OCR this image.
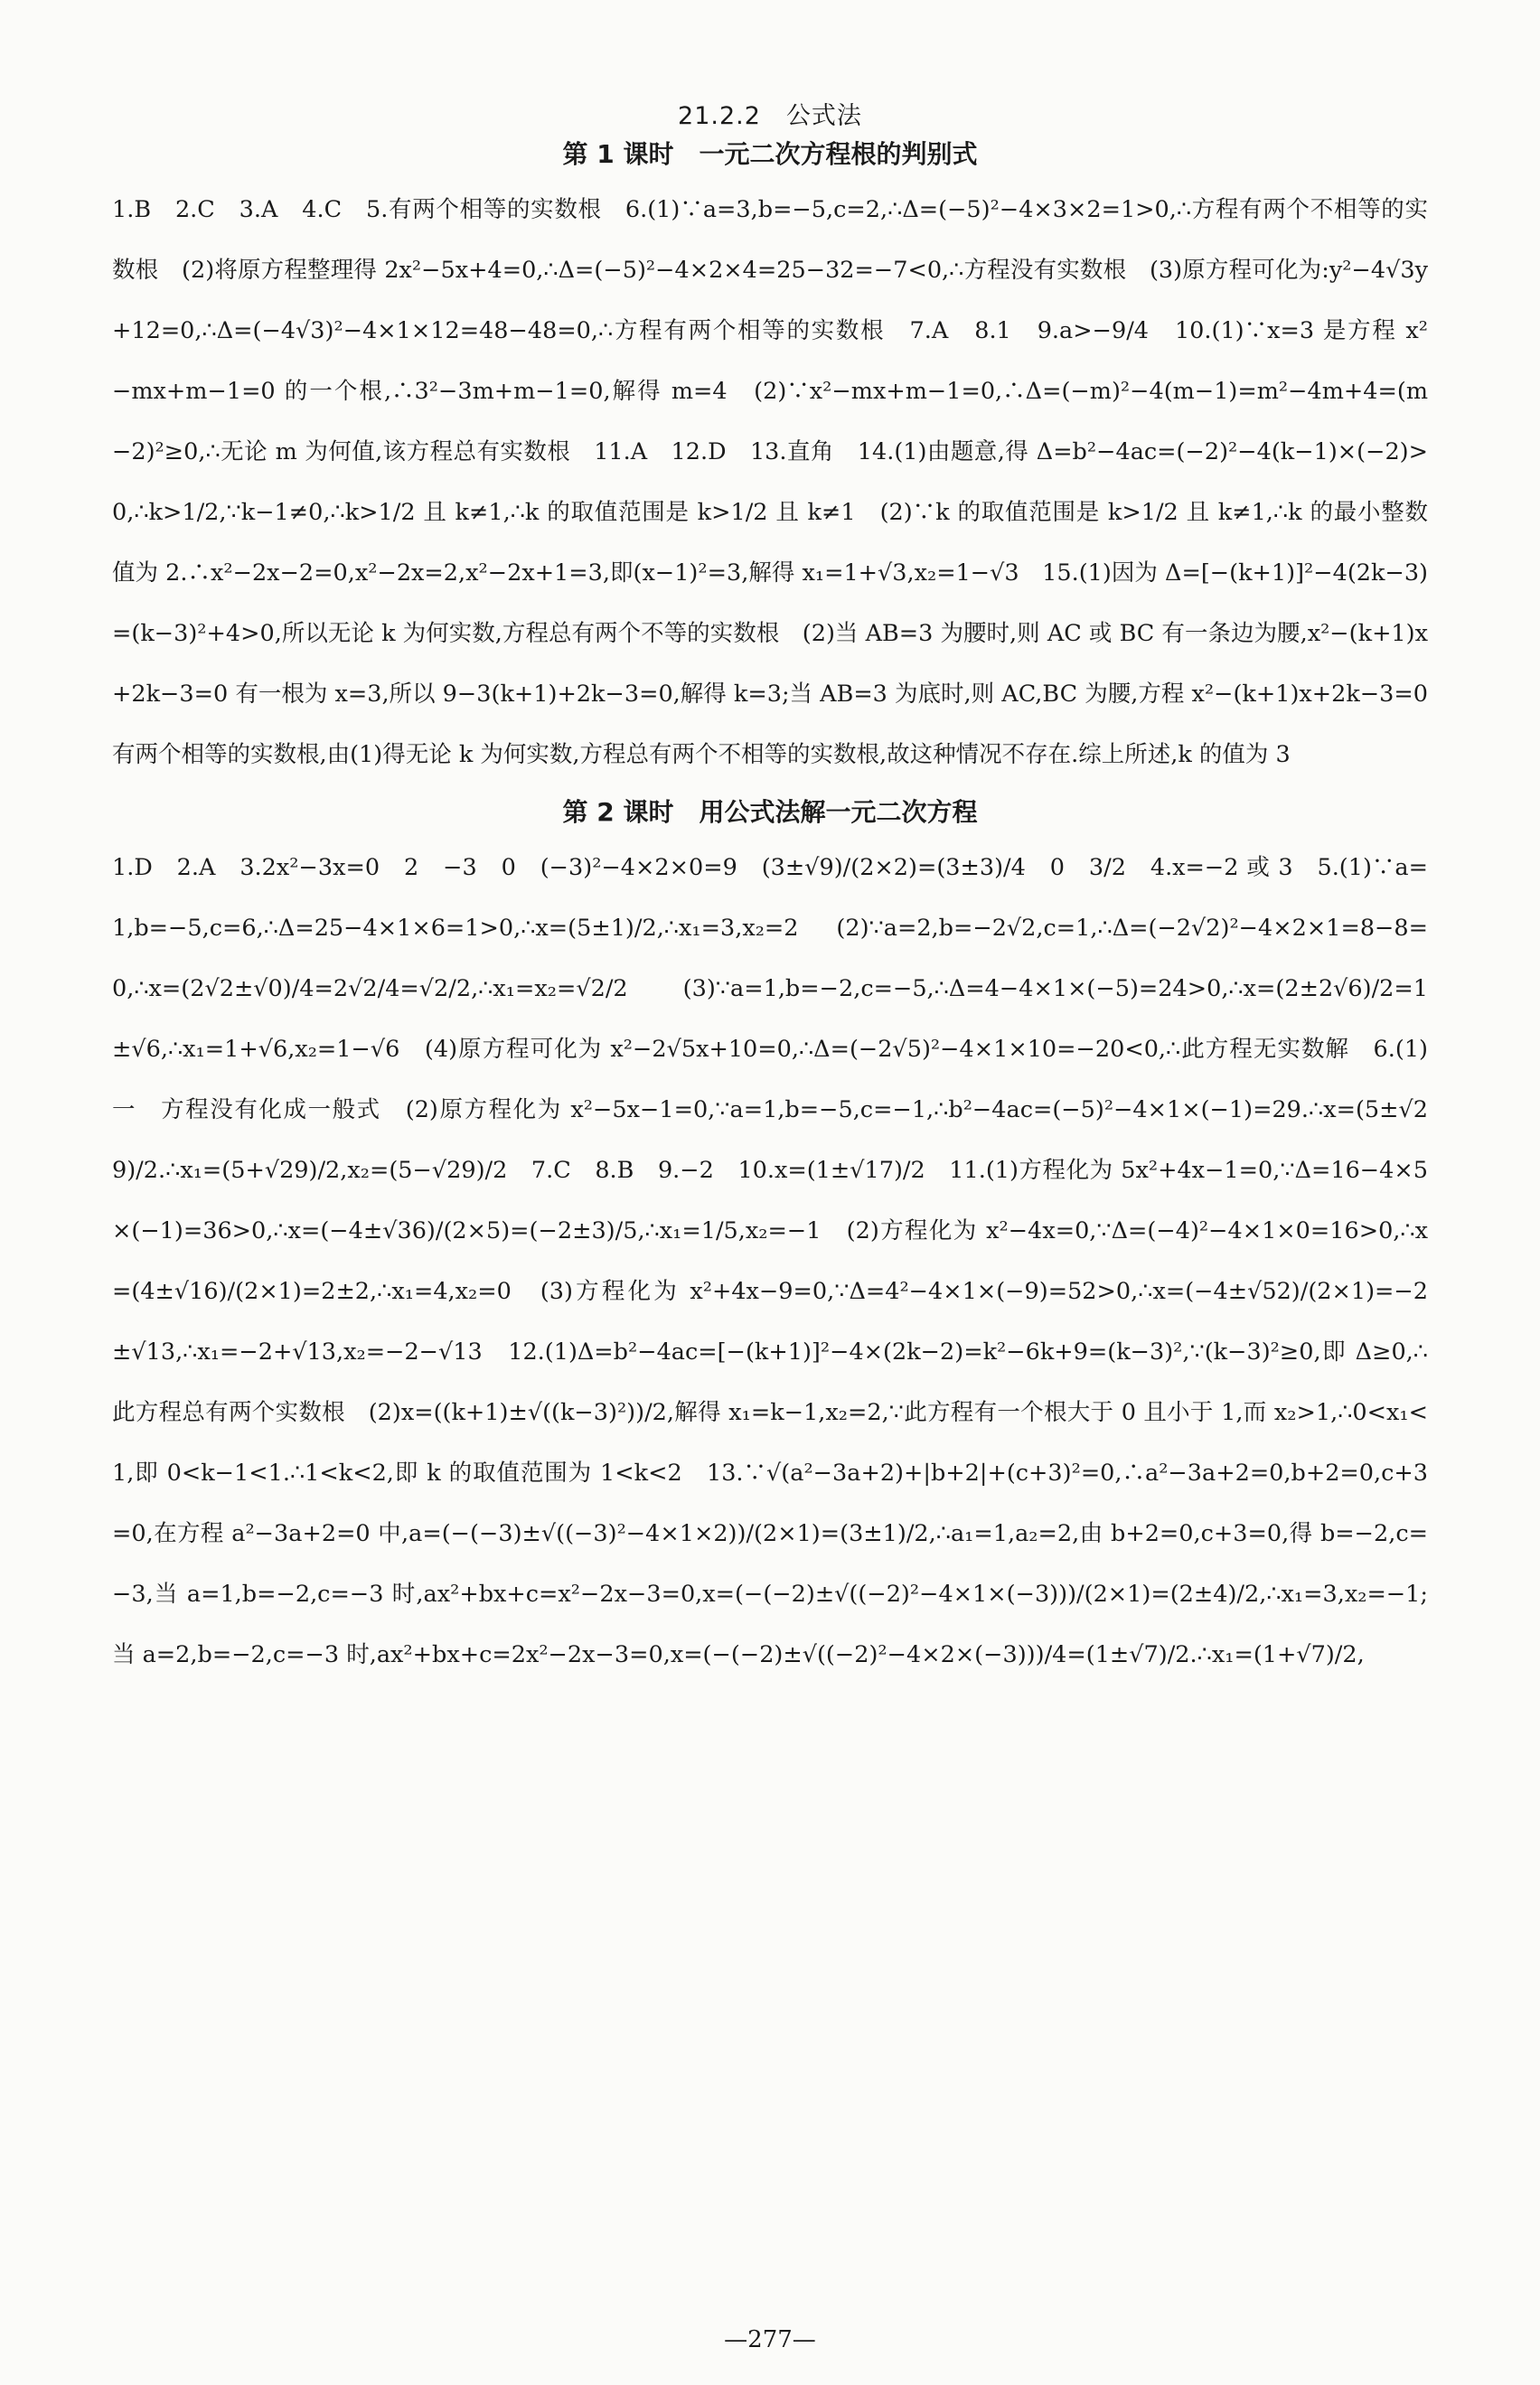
21.2.2　公式法
第 1 课时　一元二次方程根的判别式

1.B　2.C　3.A　4.C　5.有两个相等的实数根　6.(1)∵a=3,b=−5,c=2,∴Δ=(−5)²−4×3×2=1>0,∴方程有两个不相等的实数根　(2)将原方程整理得 2x²−5x+4=0,∴Δ=(−5)²−4×2×4=25−32=−7<0,∴方程没有实数根　(3)原方程可化为:y²−4√3y+12=0,∴Δ=(−4√3)²−4×1×12=48−48=0,∴方程有两个相等的实数根　7.A　8.1　9.a>−9/4　10.(1)∵x=3 是方程 x²−mx+m−1=0 的一个根,∴3²−3m+m−1=0,解得 m=4　(2)∵x²−mx+m−1=0,∴Δ=(−m)²−4(m−1)=m²−4m+4=(m−2)²≥0,∴无论 m 为何值,该方程总有实数根　11.A　12.D　13.直角　14.(1)由题意,得 Δ=b²−4ac=(−2)²−4(k−1)×(−2)>0,∴k>1/2,∵k−1≠0,∴k>1/2 且 k≠1,∴k 的取值范围是 k>1/2 且 k≠1　(2)∵k 的取值范围是 k>1/2 且 k≠1,∴k 的最小整数值为 2.∴x²−2x−2=0,x²−2x=2,x²−2x+1=3,即(x−1)²=3,解得 x₁=1+√3,x₂=1−√3　15.(1)因为 Δ=[−(k+1)]²−4(2k−3)=(k−3)²+4>0,所以无论 k 为何实数,方程总有两个不等的实数根　(2)当 AB=3 为腰时,则 AC 或 BC 有一条边为腰,x²−(k+1)x+2k−3=0 有一根为 x=3,所以 9−3(k+1)+2k−3=0,解得 k=3;当 AB=3 为底时,则 AC,BC 为腰,方程 x²−(k+1)x+2k−3=0 有两个相等的实数根,由(1)得无论 k 为何实数,方程总有两个不相等的实数根,故这种情况不存在.综上所述,k 的值为 3

第 2 课时　用公式法解一元二次方程

1.D　2.A　3.2x²−3x=0　2　−3　0　(−3)²−4×2×0=9　(3±√9)/(2×2)=(3±3)/4　0　3/2　4.x=−2 或 3　5.(1)∵a=1,b=−5,c=6,∴Δ=25−4×1×6=1>0,∴x=(5±1)/2,∴x₁=3,x₂=2　(2)∵a=2,b=−2√2,c=1,∴Δ=(−2√2)²−4×2×1=8−8=0,∴x=(2√2±√0)/4=2√2/4=√2/2,∴x₁=x₂=√2/2　(3)∵a=1,b=−2,c=−5,∴Δ=4−4×1×(−5)=24>0,∴x=(2±2√6)/2=1±√6,∴x₁=1+√6,x₂=1−√6　(4)原方程可化为 x²−2√5x+10=0,∴Δ=(−2√5)²−4×1×10=−20<0,∴此方程无实数解　6.(1)一　方程没有化成一般式　(2)原方程化为 x²−5x−1=0,∵a=1,b=−5,c=−1,∴b²−4ac=(−5)²−4×1×(−1)=29.∴x=(5±√29)/2.∴x₁=(5+√29)/2,x₂=(5−√29)/2　7.C　8.B　9.−2　10.x=(1±√17)/2　11.(1)方程化为 5x²+4x−1=0,∵Δ=16−4×5×(−1)=36>0,∴x=(−4±√36)/(2×5)=(−2±3)/5,∴x₁=1/5,x₂=−1　(2)方程化为 x²−4x=0,∵Δ=(−4)²−4×1×0=16>0,∴x=(4±√16)/(2×1)=2±2,∴x₁=4,x₂=0　(3)方程化为 x²+4x−9=0,∵Δ=4²−4×1×(−9)=52>0,∴x=(−4±√52)/(2×1)=−2±√13,∴x₁=−2+√13,x₂=−2−√13　12.(1)Δ=b²−4ac=[−(k+1)]²−4×(2k−2)=k²−6k+9=(k−3)²,∵(k−3)²≥0,即 Δ≥0,∴此方程总有两个实数根　(2)x=((k+1)±√((k−3)²))/2,解得 x₁=k−1,x₂=2,∵此方程有一个根大于 0 且小于 1,而 x₂>1,∴0<x₁<1,即 0<k−1<1.∴1<k<2,即 k 的取值范围为 1<k<2　13.∵√(a²−3a+2)+|b+2|+(c+3)²=0,∴a²−3a+2=0,b+2=0,c+3=0,在方程 a²−3a+2=0 中,a=(−(−3)±√((−3)²−4×1×2))/(2×1)=(3±1)/2,∴a₁=1,a₂=2,由 b+2=0,c+3=0,得 b=−2,c=−3,当 a=1,b=−2,c=−3 时,ax²+bx+c=x²−2x−3=0,x=(−(−2)±√((−2)²−4×1×(−3)))/(2×1)=(2±4)/2,∴x₁=3,x₂=−1;当 a=2,b=−2,c=−3 时,ax²+bx+c=2x²−2x−3=0,x=(−(−2)±√((−2)²−4×2×(−3)))/4=(1±√7)/2.∴x₁=(1+√7)/2,

—277—
